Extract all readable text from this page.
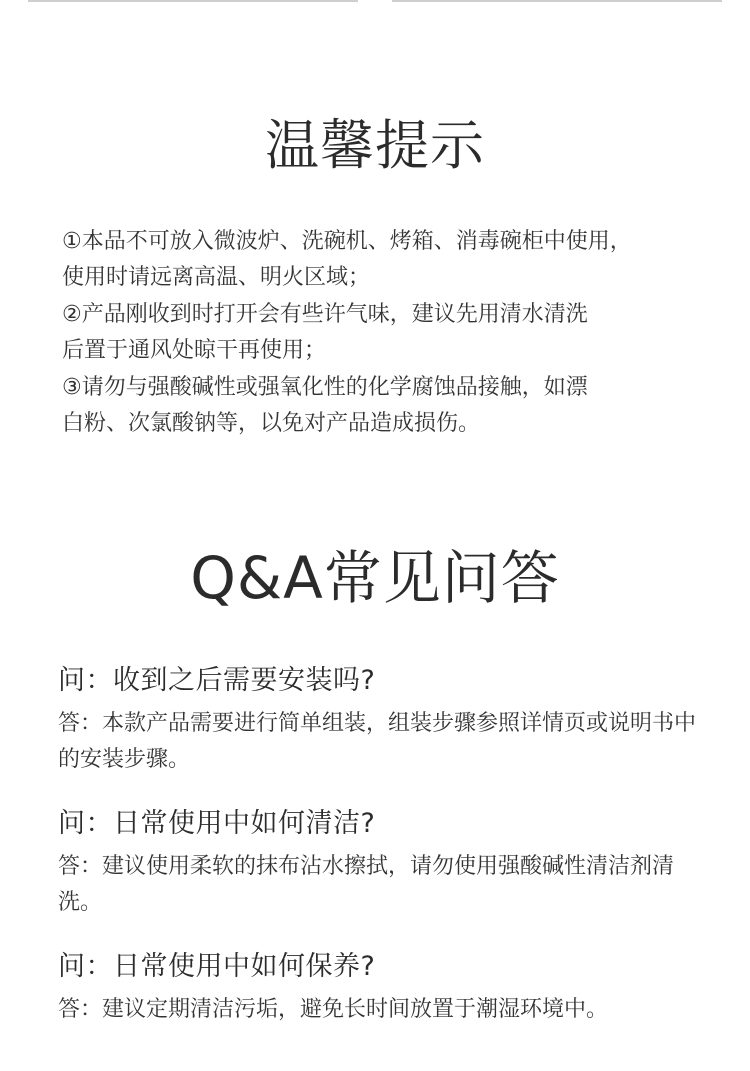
温馨提示

①本品不可放入微波炉、洗碗机、烤箱、消毒碗柜中使用，

使用时请远离高温、明火区域；

②产品刚收到时打开会有些许气味，建议先用清水清洗

后置于通风处晾干再使用；

③请勿与强酸碱性或强氧化性的化学腐蚀品接触，如漂

白粉、次氯酸钠等，以免对产品造成损伤。

Q&A常见问答

问：收到之后需要安装吗?

答：本款产品需要进行简单组装，组装步骤参照详情页或说明书中的安装步骤。

问：日常使用中如何清洁?

答：建议使用柔软的抹布沾水擦拭，请勿使用强酸碱性清洁剂清洗。

问：日常使用中如何保养?

答：建议定期清洁污垢，避免长时间放置于潮湿环境中。
